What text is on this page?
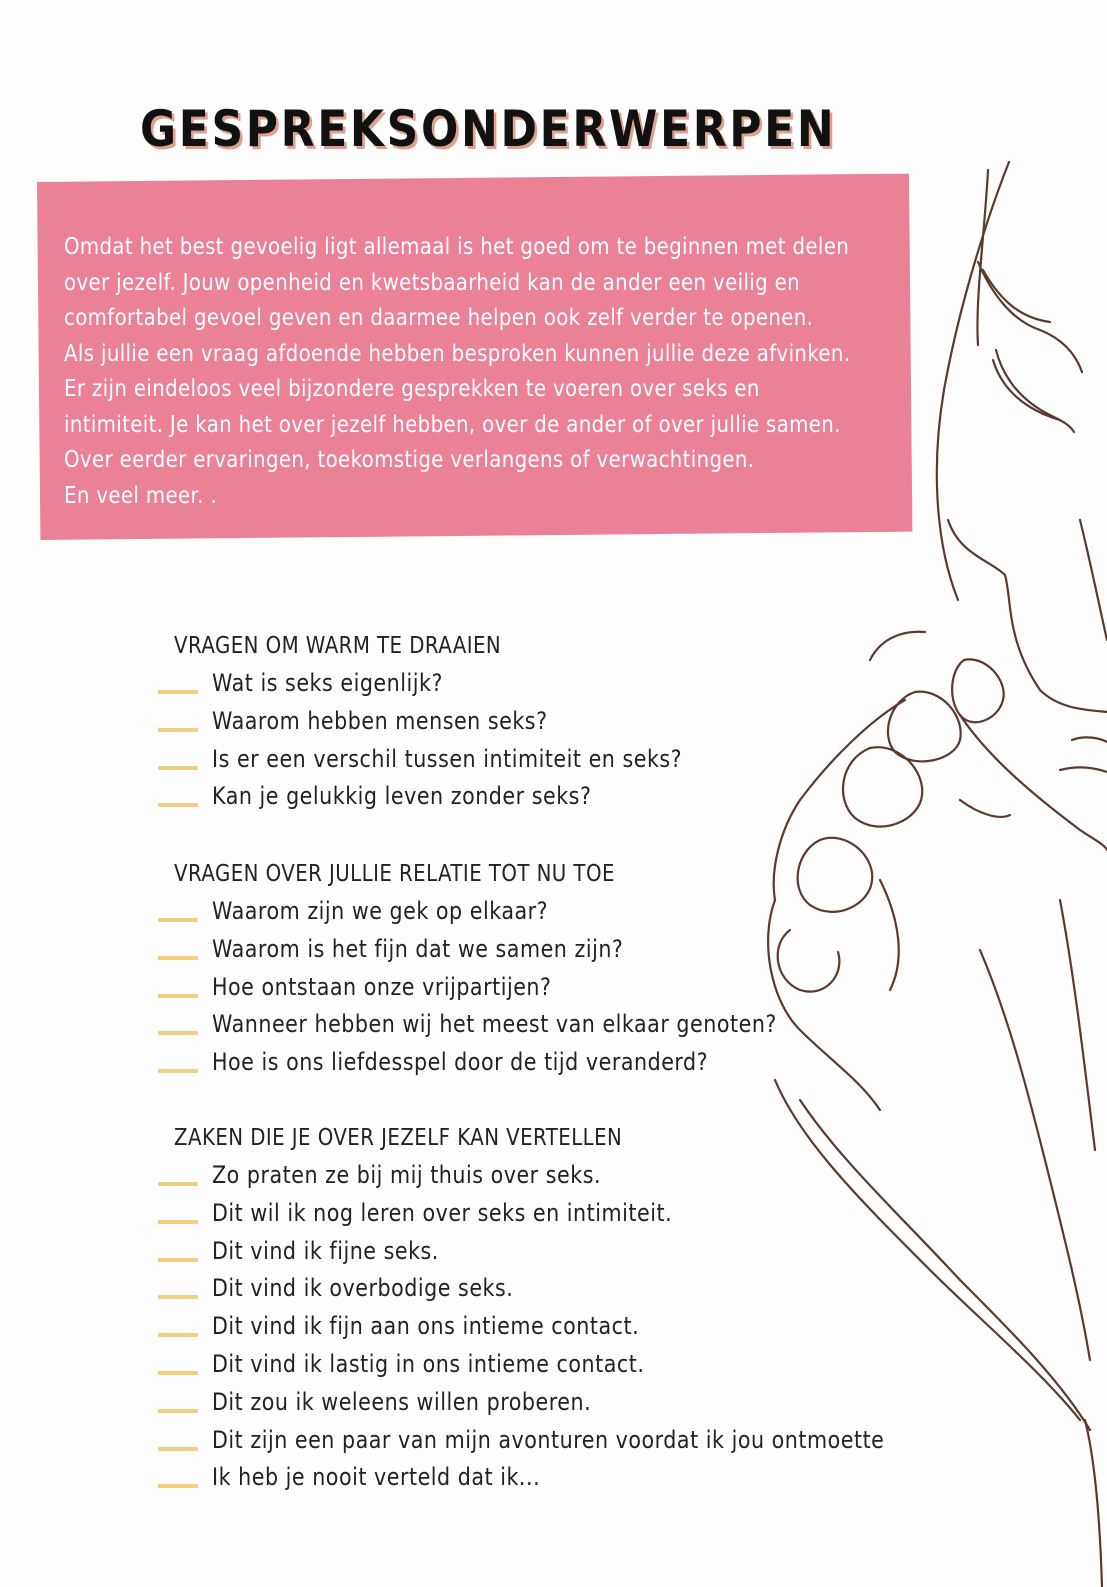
GESPREKSONDERWERPEN
Omdat het best gevoelig ligt allemaal is het goed om te beginnen met delen
over jezelf. Jouw openheid en kwetsbaarheid kan de ander een veilig en
comfortabel gevoel geven en daarmee helpen ook zelf verder te openen.
Als jullie een vraag afdoende hebben besproken kunnen jullie deze afvinken.
Er zijn eindeloos veel bijzondere gesprekken te voeren over seks en
intimiteit. Je kan het over jezelf hebben, over de ander of over jullie samen.
Over eerder ervaringen, toekomstige verlangens of verwachtingen.
En veel meer. .
VRAGEN OM WARM TE DRAAIEN
Wat is seks eigenlijk?
Waarom hebben mensen seks?
Is er een verschil tussen intimiteit en seks?
Kan je gelukkig leven zonder seks?
VRAGEN OVER JULLIE RELATIE TOT NU TOE
Waarom zijn we gek op elkaar?
Waarom is het fijn dat we samen zijn?
Hoe ontstaan onze vrijpartijen?
Wanneer hebben wij het meest van elkaar genoten?
Hoe is ons liefdesspel door de tijd veranderd?
ZAKEN DIE JE OVER JEZELF KAN VERTELLEN
Zo praten ze bij mij thuis over seks.
Dit wil ik nog leren over seks en intimiteit.
Dit vind ik fijne seks.
Dit vind ik overbodige seks.
Dit vind ik fijn aan ons intieme contact.
Dit vind ik lastig in ons intieme contact.
Dit zou ik weleens willen proberen.
Dit zijn een paar van mijn avonturen voordat ik jou ontmoette
Ik heb je nooit verteld dat ik...
